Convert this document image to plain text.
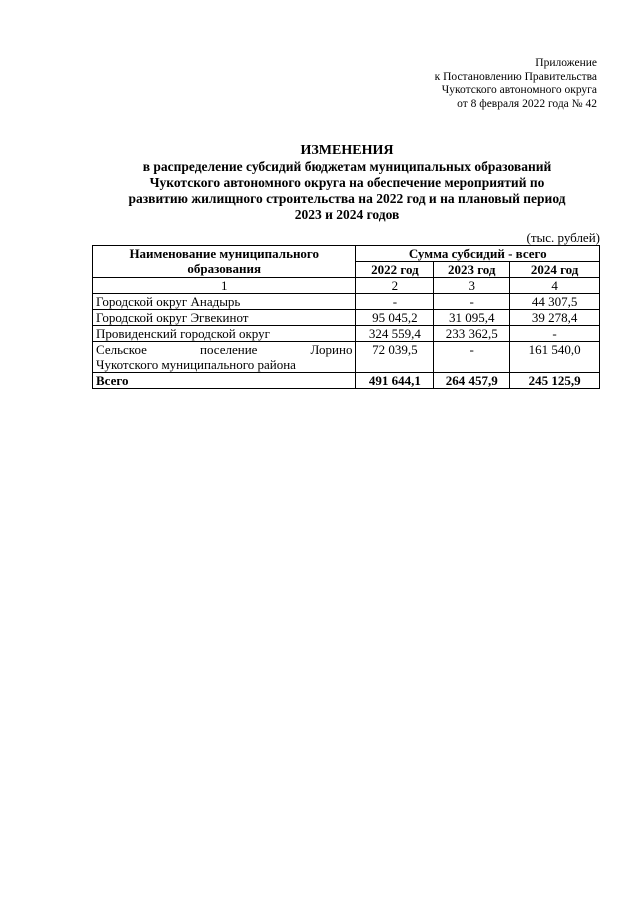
Приложение
к Постановлению Правительства
Чукотского автономного округа
от 8 февраля 2022 года № 42
ИЗМЕНЕНИЯ
в распределение субсидий бюджетам муниципальных образований
Чукотского автономного округа на обеспечение мероприятий по
развитию жилищного строительства на 2022 год и на плановый период
2023 и 2024 годов
(тыс. рублей)
Наименование муниципального образования	Сумма субсидий - всего		
	2022 год	2023 год	2024 год
1	2	3	4
Городской округ Анадырь	-	-	44 307,5
Городской округ Эгвекинот	95 045,2	31 095,4	39 278,4
Провиденский городской округ	324 559,4	233 362,5	-

Сельское поселение Лорино
Чукотского муниципального района	72 039,5	-	161 540,0
Всего	491 644,1	264 457,9	245 125,9
